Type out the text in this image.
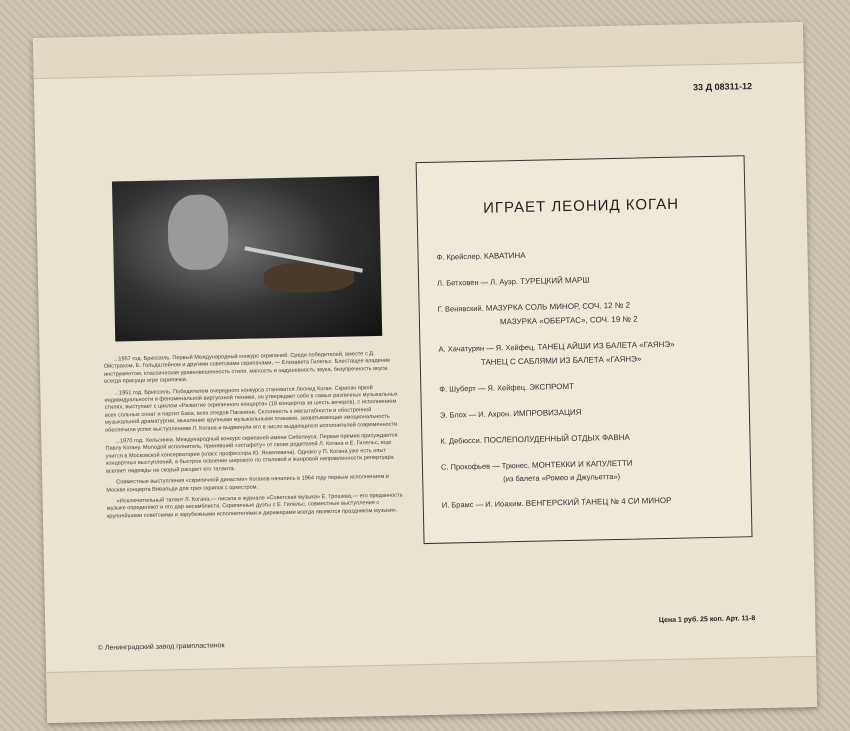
33 Д 08311-12

...1957 год. Брюссель. Первый Международный конкурс скрипачей. Среди победителей, вместе с Д. Ойстрахом, Б. Гольдштейном и другими советскими скрипачами, — Елизавета Гилельс. Блестящее владение инструментом, классическая уравновешенность стиля, мягкость и задушевность звука, безупречность вкуса всегда присущи игре скрипачки.

...1951 год. Брюссель. Победителем очередного конкурса становится Леонид Коган. Скрипач яркой индивидуальности и феноменальной виртуозной техники, он утверждает себя в самых различных музыкальных стилях, выступает с циклом «Развитие скрипичного концерта» (18 концертов за шесть вечеров), с исполнением всех сольных сонат и партит Баха, всех этюдов Паганини. Склонность к масштабности и обостренной музыкальной драматургии, мышление крупными музыкальными планами, захватывающая эмоциональность обеспечили успех выступлениям Л. Когана и выдвинули его в число выдающихся исполнителей современности.

...1970 год. Хельсинки. Международный конкурс скрипачей имени Сибелиуса. Первая премия присуждается Павлу Когану. Молодой исполнитель, принявший «эстафету» от своих родителей Л. Когана и Е. Гилельс, еще учится в Московской консерватории (класс профессора Ю. Янкелевича). Однако у П. Когана уже есть опыт концертных выступлений, а быстрое освоение широкого по стилевой и жанровой направленности репертуара вселяет надежды на скорый расцвет его таланта.

Совместные выступления «скрипичной династии» Коганов начались в 1964 году первым исполнением в Москве концерта Вивальди для трех скрипок с оркестром.

«Исключительный талант Л. Когана,— писала в журнале «Советская музыка» Е. Грошева,— его преданность музыке определяют и его дар ансамблиста. Скрипичные дуэты с Е. Гилельс, совместные выступления с крупнейшими советскими и зарубежными исполнителями и дирижерами всегда являются праздником музыки».

ИГРАЕТ ЛЕОНИД КОГАН
Ф. Крейслер. КАВАТИНА
Л. Бетховен — Л. Ауэр. ТУРЕЦКИЙ МАРШ
Г. Венявский. МАЗУРКА СОЛЬ МИНОР, СОЧ. 12 № 2
МАЗУРКА «ОБЕРТАС», СОЧ. 19 № 2
А. Хачатурян — Я. Хейфец. ТАНЕЦ АЙШИ ИЗ БАЛЕТА «ГАЯНЭ»
ТАНЕЦ С САБЛЯМИ ИЗ БАЛЕТА «ГАЯНЭ»
Ф. Шуберт — Я. Хейфец. ЭКСПРОМТ
Э. Блох — И. Ахрон. ИМПРОВИЗАЦИЯ
К. Дебюсси. ПОСЛЕПОЛУДЕННЫЙ ОТДЫХ ФАВНА
С. Прокофьев — Трюнес. МОНТЕККИ И КАПУЛЕТТИ
(из балета «Ромео и Джульетта»)
И. Брамс — И. Иоахим. ВЕНГЕРСКИЙ ТАНЕЦ № 4 СИ МИНОР
Цена 1 руб. 25 коп. Арт. 11-8
© Ленинградский завод грампластинок
